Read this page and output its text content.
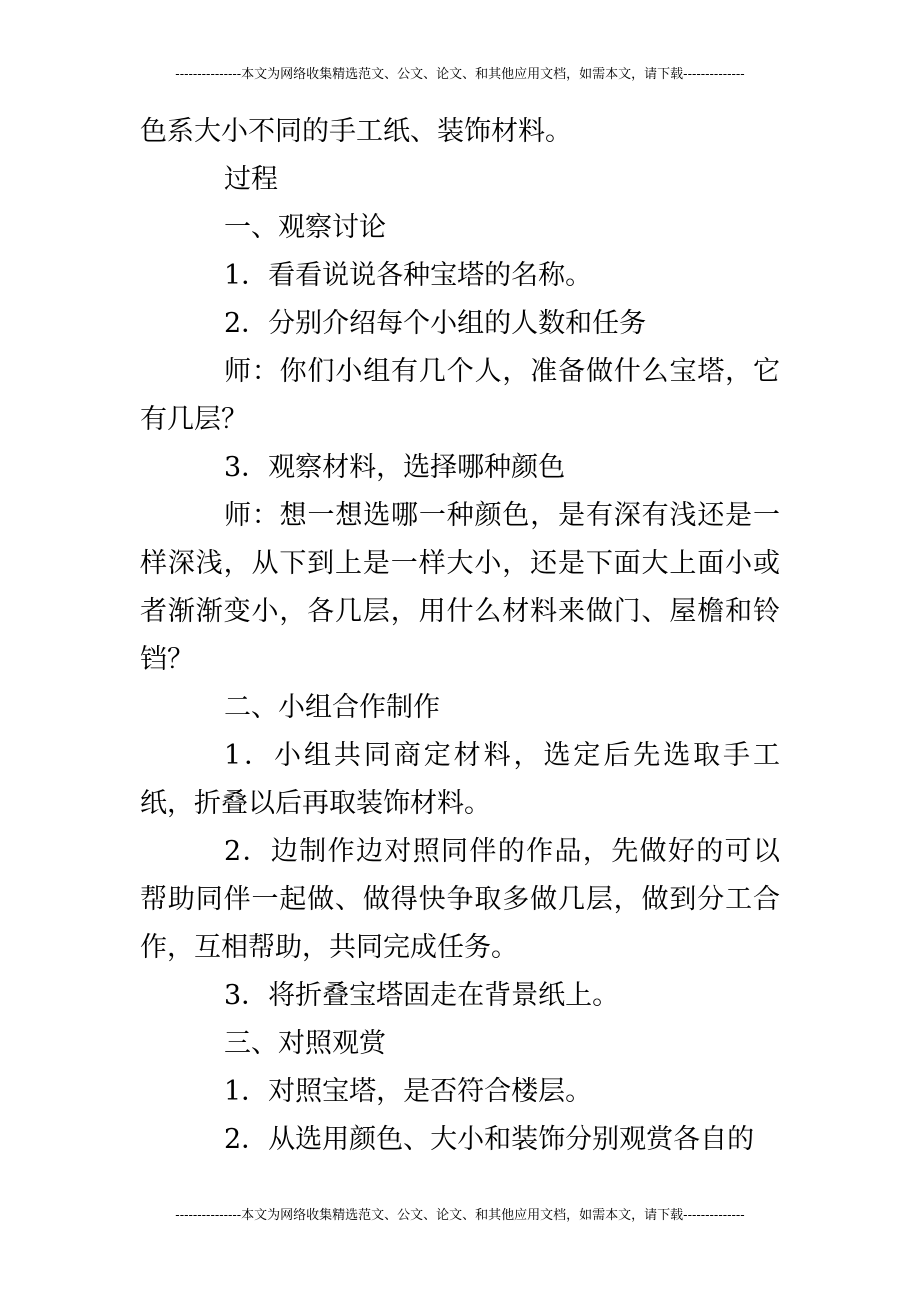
---------------本文为网络收集精选范文、公文、论文、和其他应用文档，如需本文，请下载--------------

色系大小不同的手工纸、装饰材料。

过程

一、观察讨论

1．看看说说各种宝塔的名称。

2．分别介绍每个小组的人数和任务

师：你们小组有几个人，准备做什么宝塔，它有几层？

3．观察材料，选择哪种颜色

师：想一想选哪一种颜色，是有深有浅还是一样深浅，从下到上是一样大小，还是下面大上面小或者渐渐变小，各几层，用什么材料来做门、屋檐和铃铛？

二、小组合作制作

1．小组共同商定材料，选定后先选取手工纸，折叠以后再取装饰材料。

2．边制作边对照同伴的作品，先做好的可以帮助同伴一起做、做得快争取多做几层，做到分工合作，互相帮助，共同完成任务。

3．将折叠宝塔固走在背景纸上。

三、对照观赏

1．对照宝塔，是否符合楼层。

2．从选用颜色、大小和装饰分别观赏各自的

---------------本文为网络收集精选范文、公文、论文、和其他应用文档，如需本文，请下载--------------
